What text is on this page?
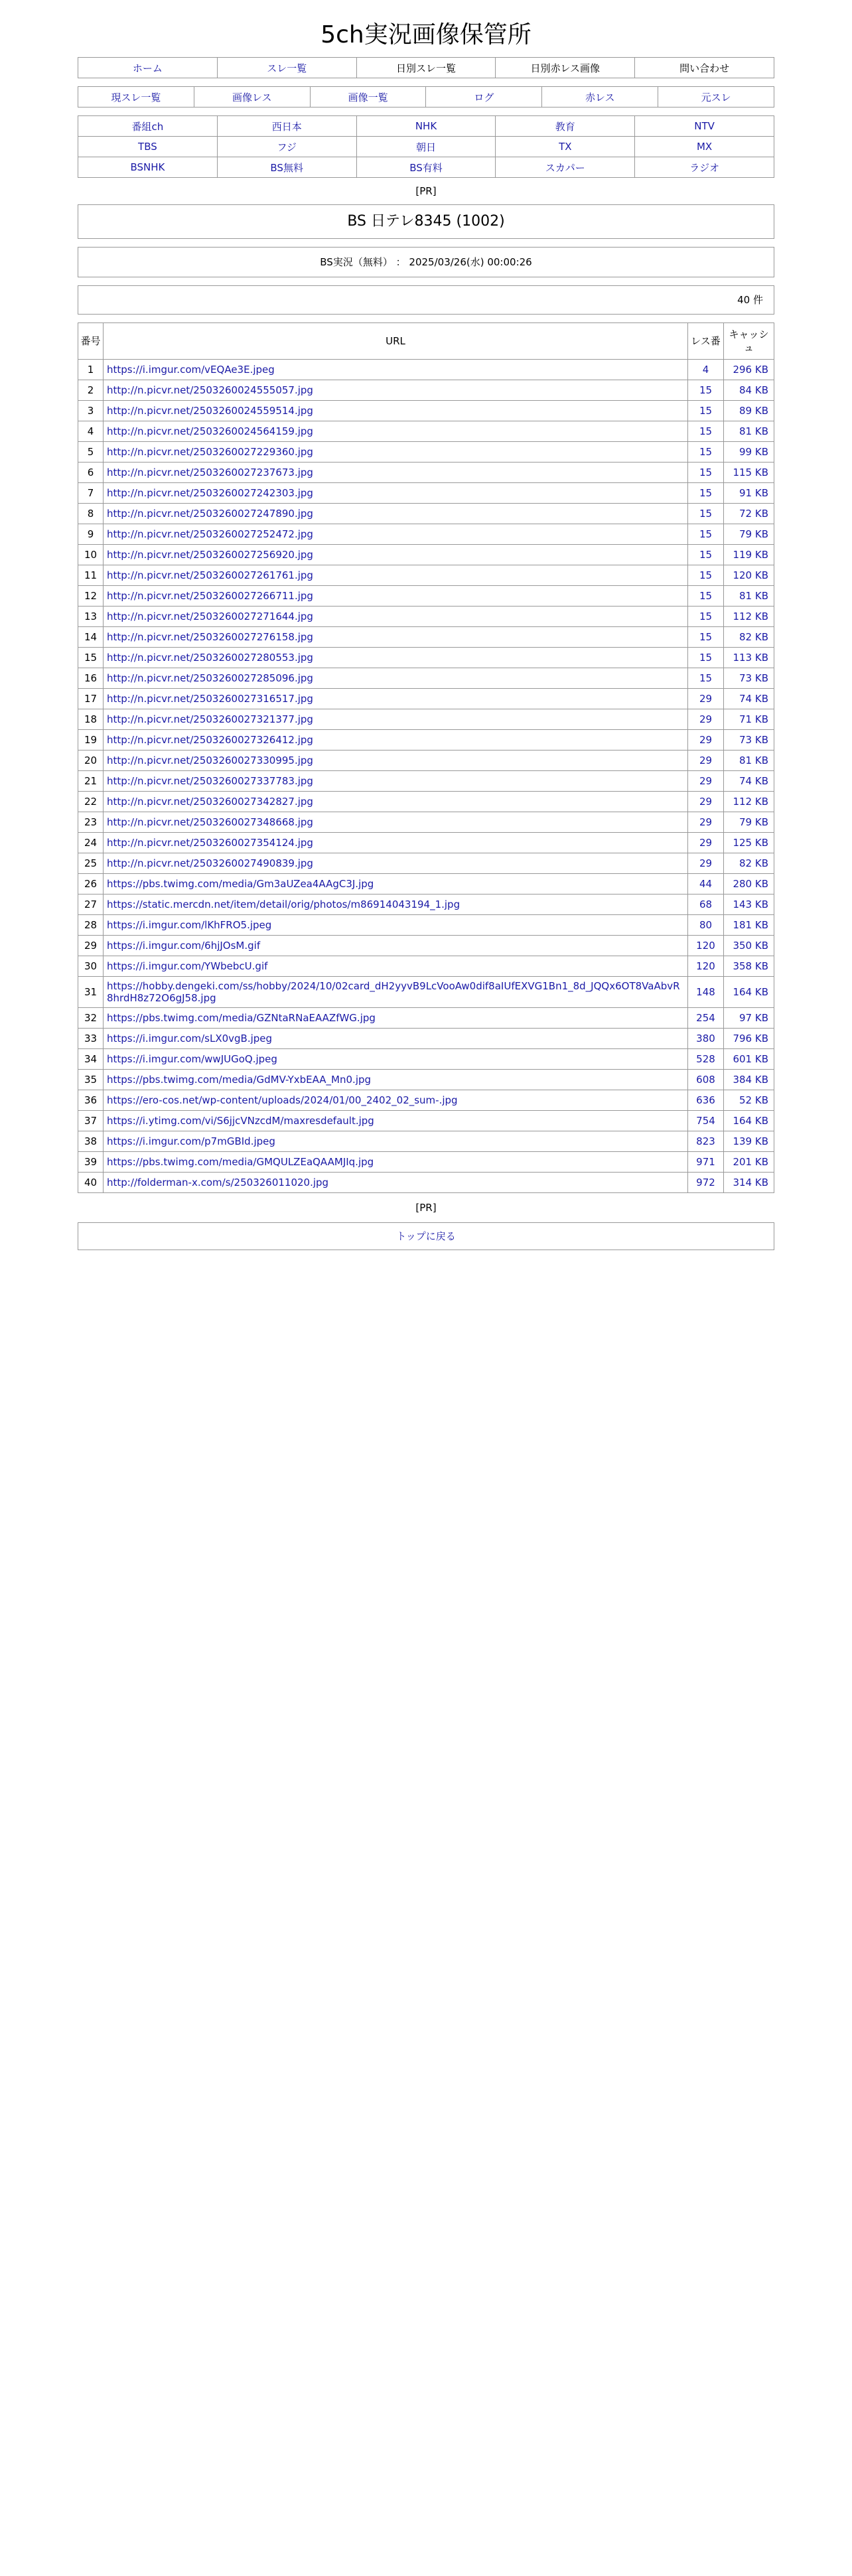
5ch実況画像保管所
ホーム	スレ一覧	日別スレ一覧	日別赤レス画像	問い合わせ
現スレ一覧	画像レス	画像一覧	ログ	赤レス	元スレ
番組ch	西日本	NHK	教育	NTV
TBS	フジ	朝日	TX	MX
BSNHK	BS無料	BS有料	スカパー	ラジオ
[PR]
BS 日テレ8345 (1002)
BS実況（無料） ： 2025/03/26(水) 00:00:26
40 件
番号	URL	レス番	キャッシュ
1	https://i.imgur.com/vEQAe3E.jpeg	4	296 KB
2	http://n.picvr.net/2503260024555057.jpg	15	84 KB
3	http://n.picvr.net/2503260024559514.jpg	15	89 KB
4	http://n.picvr.net/2503260024564159.jpg	15	81 KB
5	http://n.picvr.net/2503260027229360.jpg	15	99 KB
6	http://n.picvr.net/2503260027237673.jpg	15	115 KB
7	http://n.picvr.net/2503260027242303.jpg	15	91 KB
8	http://n.picvr.net/2503260027247890.jpg	15	72 KB
9	http://n.picvr.net/2503260027252472.jpg	15	79 KB
10	http://n.picvr.net/2503260027256920.jpg	15	119 KB
11	http://n.picvr.net/2503260027261761.jpg	15	120 KB
12	http://n.picvr.net/2503260027266711.jpg	15	81 KB
13	http://n.picvr.net/2503260027271644.jpg	15	112 KB
14	http://n.picvr.net/2503260027276158.jpg	15	82 KB
15	http://n.picvr.net/2503260027280553.jpg	15	113 KB
16	http://n.picvr.net/2503260027285096.jpg	15	73 KB
17	http://n.picvr.net/2503260027316517.jpg	29	74 KB
18	http://n.picvr.net/2503260027321377.jpg	29	71 KB
19	http://n.picvr.net/2503260027326412.jpg	29	73 KB
20	http://n.picvr.net/2503260027330995.jpg	29	81 KB
21	http://n.picvr.net/2503260027337783.jpg	29	74 KB
22	http://n.picvr.net/2503260027342827.jpg	29	112 KB
23	http://n.picvr.net/2503260027348668.jpg	29	79 KB
24	http://n.picvr.net/2503260027354124.jpg	29	125 KB
25	http://n.picvr.net/2503260027490839.jpg	29	82 KB
26	https://pbs.twimg.com/media/Gm3aUZea4AAgC3J.jpg	44	280 KB
27	https://static.mercdn.net/item/detail/orig/photos/m86914043194_1.jpg	68	143 KB
28	https://i.imgur.com/lKhFRO5.jpeg	80	181 KB
29	https://i.imgur.com/6hjJOsM.gif	120	350 KB
30	https://i.imgur.com/YWbebcU.gif	120	358 KB
31	https://hobby.dengeki.com/ss/hobby/2024/10/02card_dH2yyvB9LcVooAw0dif8aIUfEXVG1Bn1_8d_JQQx6OT8VaAbvR8hrdH8z72O6gJ58.jpg	148	164 KB
32	https://pbs.twimg.com/media/GZNtaRNaEAAZfWG.jpg	254	97 KB
33	https://i.imgur.com/sLX0vgB.jpeg	380	796 KB
34	https://i.imgur.com/wwJUGoQ.jpeg	528	601 KB
35	https://pbs.twimg.com/media/GdMV-YxbEAA_Mn0.jpg	608	384 KB
36	https://ero-cos.net/wp-content/uploads/2024/01/00_2402_02_sum-.jpg	636	52 KB
37	https://i.ytimg.com/vi/S6jjcVNzcdM/maxresdefault.jpg	754	164 KB
38	https://i.imgur.com/p7mGBId.jpeg	823	139 KB
39	https://pbs.twimg.com/media/GMQULZEaQAAMJIq.jpg	971	201 KB
40	http://folderman-x.com/s/250326011020.jpg	972	314 KB
[PR]
トップに戻る
